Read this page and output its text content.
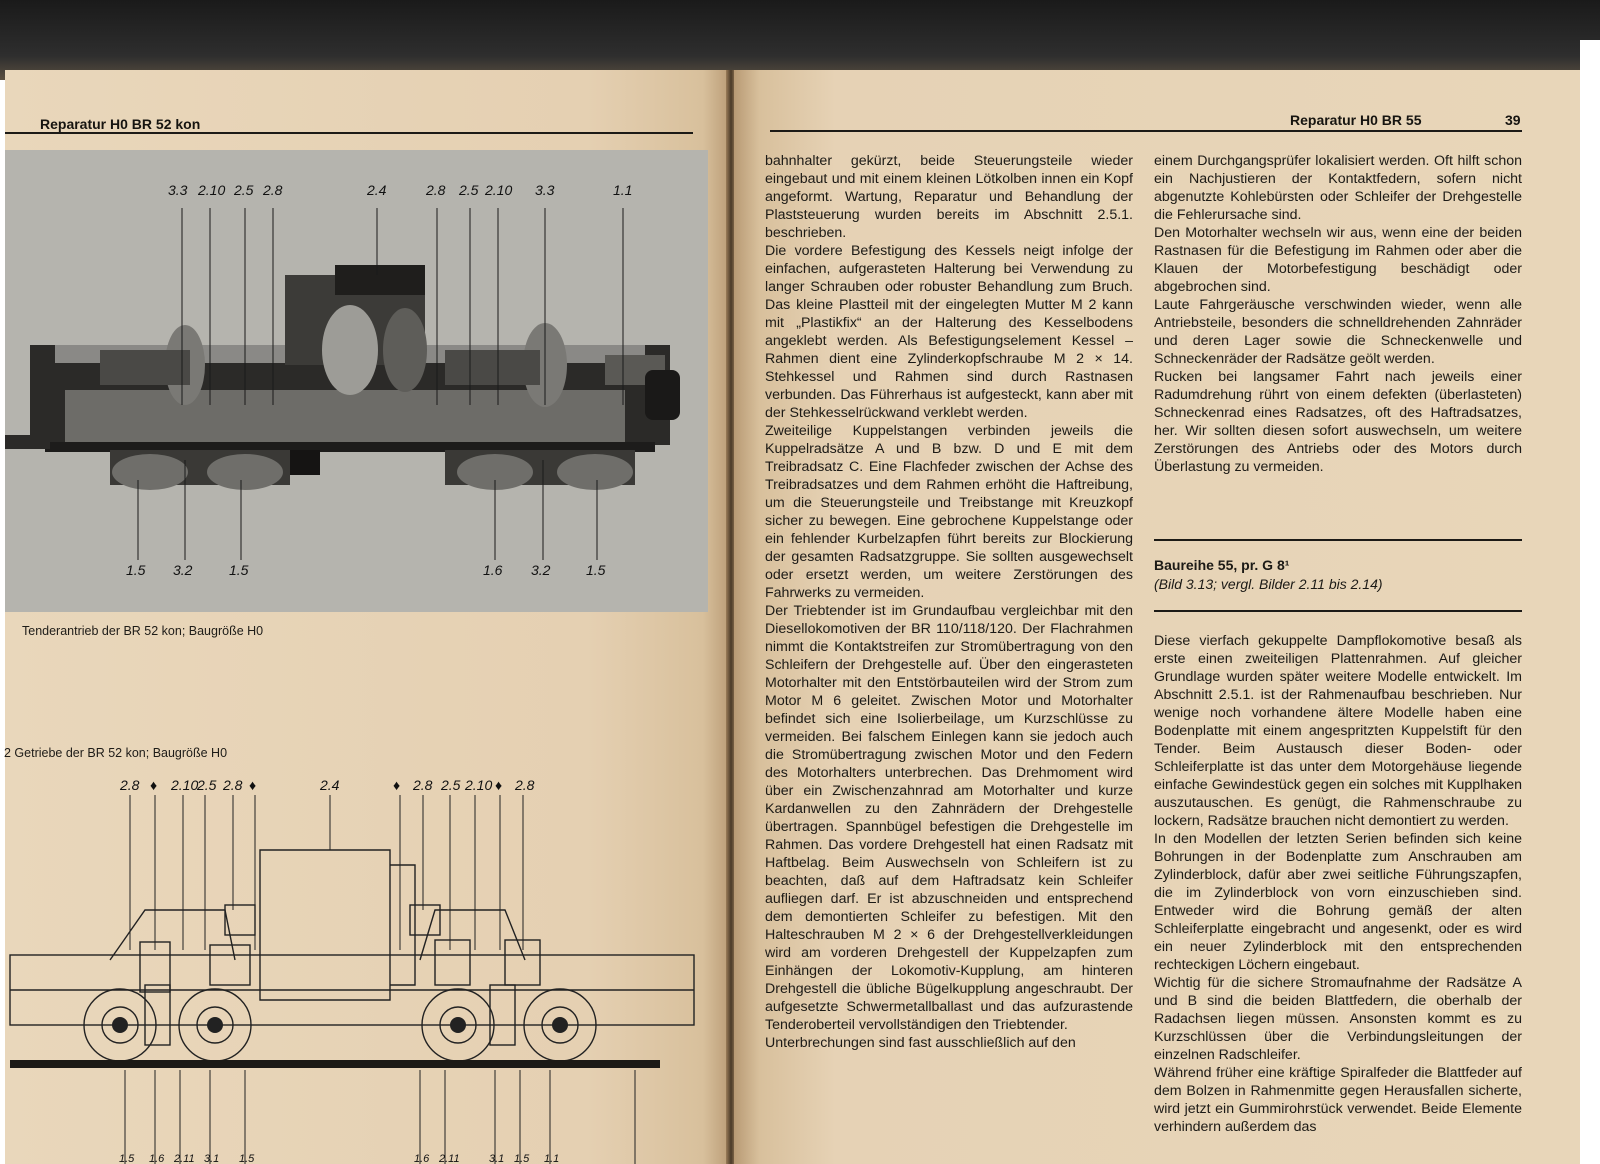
Reparatur H0 BR 52 kon
3.3 2.10 2.5 2.8	2.4	2.8 2.5 2.10 3.3	1.1
1.5 3.2	1.5	1.6 3.2	1.5
Tenderantrieb der BR 52 kon; Baugröße H0
2 Getriebe der BR 52 kon; Baugröße H0
2.8 ♦ 2.10
2.5 2.8 ♦	2.4	♦ 2.8 2.5 2.10 ♦ 2.8
1.5 1.6 2.11 3.1 1.5	1.6 2.11	3.1 1.5 1.1
Reparatur H0 BR 55	39

bahnhalter gekürzt, beide Steuerungsteile wieder eingebaut und mit einem kleinen Lötkolben innen ein Kopf angeformt. Wartung, Reparatur und Behandlung der Plaststeuerung wurden bereits im Abschnitt 2.5.1. beschrieben.

Die vordere Befestigung des Kessels neigt infolge der einfachen, aufgerasteten Halterung bei Verwendung zu langer Schrauben oder robuster Behandlung zum Bruch. Das kleine Plastteil mit der eingelegten Mutter M 2 kann mit „Plastikfix“ an der Halterung des Kesselbodens angeklebt werden. Als Befestigungselement Kessel – Rahmen dient eine Zylinderkopfschraube M 2 × 14. Stehkessel und Rahmen sind durch Rastnasen verbunden. Das Führerhaus ist aufgesteckt, kann aber mit der Stehkesselrückwand verklebt werden.

Zweiteilige Kuppelstangen verbinden jeweils die Kuppelradsätze A und B bzw. D und E mit dem Treibradsatz C. Eine Flachfeder zwischen der Achse des Treibradsatzes und dem Rahmen erhöht die Haftreibung, um die Steuerungsteile und Treibstange mit Kreuzkopf sicher zu bewegen. Eine gebrochene Kuppelstange oder ein fehlender Kurbelzapfen führt bereits zur Blockierung der gesamten Radsatzgruppe. Sie sollten ausgewechselt oder ersetzt werden, um weitere Zerstörungen des Fahrwerks zu vermeiden.

Der Triebtender ist im Grundaufbau vergleichbar mit den Diesellokomotiven der BR 110/118/120. Der Flachrahmen nimmt die Kontaktstreifen zur Stromübertragung von den Schleifern der Drehgestelle auf. Über den eingerasteten Motorhalter mit den Entstörbauteilen wird der Strom zum Motor M 6 geleitet. Zwischen Motor und Motorhalter befindet sich eine Isolierbeilage, um Kurzschlüsse zu vermeiden. Bei falschem Einlegen kann sie jedoch auch die Stromübertragung zwischen Motor und den Federn des Motorhalters unterbrechen. Das Drehmoment wird über ein Zwischenzahnrad am Motorhalter und kurze Kardanwellen zu den Zahnrädern der Drehgestelle übertragen. Spannbügel befestigen die Drehgestelle im Rahmen. Das vordere Drehgestell hat einen Radsatz mit Haftbelag. Beim Auswechseln von Schleifern ist zu beachten, daß auf dem Haftradsatz kein Schleifer aufliegen darf. Er ist abzuschneiden und entsprechend dem demontierten Schleifer zu befestigen. Mit den Halteschrauben M 2 × 6 der Drehgestellverkleidungen wird am vorderen Drehgestell der Kuppelzapfen zum Einhängen der Lokomotiv-Kupplung, am hinteren Drehgestell die übliche Bügelkupplung angeschraubt. Der aufgesetzte Schwermetallballast und das aufzurastende Tenderoberteil vervollständigen den Triebtender.

Unterbrechungen sind fast ausschließlich auf den

einem Durchgangsprüfer lokalisiert werden. Oft hilft schon ein Nachjustieren der Kontaktfedern, sofern nicht abgenutzte Kohlebürsten oder Schleifer der Drehgestelle die Fehlerursache sind.

Den Motorhalter wechseln wir aus, wenn eine der beiden Rastnasen für die Befestigung im Rahmen oder aber die Klauen der Motorbefestigung beschädigt oder abgebrochen sind.

Laute Fahrgeräusche verschwinden wieder, wenn alle Antriebsteile, besonders die schnelldrehenden Zahnräder und deren Lager sowie die Schneckenwelle und Schneckenräder der Radsätze geölt werden.

Rucken bei langsamer Fahrt nach jeweils einer Radumdrehung rührt von einem defekten (überlasteten) Schneckenrad eines Radsatzes, oft des Haftradsatzes, her. Wir sollten diesen sofort auswechseln, um weitere Zerstörungen des Antriebs oder des Motors durch Überlastung zu vermeiden.

Baureihe 55, pr. G 8¹
(Bild 3.13; vergl. Bilder 2.11 bis 2.14)

Diese vierfach gekuppelte Dampflokomotive besaß als erste einen zweiteiligen Plattenrahmen. Auf gleicher Grundlage wurden später weitere Modelle entwickelt. Im Abschnitt 2.5.1. ist der Rahmenaufbau beschrieben. Nur wenige noch vorhandene ältere Modelle haben eine Bodenplatte mit einem angespritzten Kuppelstift für den Tender. Beim Austausch dieser Boden- oder Schleiferplatte ist das unter dem Motorgehäuse liegende einfache Gewindestück gegen ein solches mit Kupplhaken auszutauschen. Es genügt, die Rahmenschraube zu lockern, Radsätze brauchen nicht demontiert zu werden.

In den Modellen der letzten Serien befinden sich keine Bohrungen in der Bodenplatte zum Anschrauben am Zylinderblock, dafür aber zwei seitliche Führungszapfen, die im Zylinderblock von vorn einzuschieben sind. Entweder wird die Bohrung gemäß der alten Schleiferplatte eingebracht und angesenkt, oder es wird ein neuer Zylinderblock mit den entsprechenden rechteckigen Löchern eingebaut.

Wichtig für die sichere Stromaufnahme der Radsätze A und B sind die beiden Blattfedern, die oberhalb der Radachsen liegen müssen. Ansonsten kommt es zu Kurzschlüssen über die Verbindungsleitungen der einzelnen Radschleifer.

Während früher eine kräftige Spiralfeder die Blattfeder auf dem Bolzen in Rahmenmitte gegen Herausfallen sicherte, wird jetzt ein Gummirohrstück verwendet. Beide Elemente verhindern außerdem das
